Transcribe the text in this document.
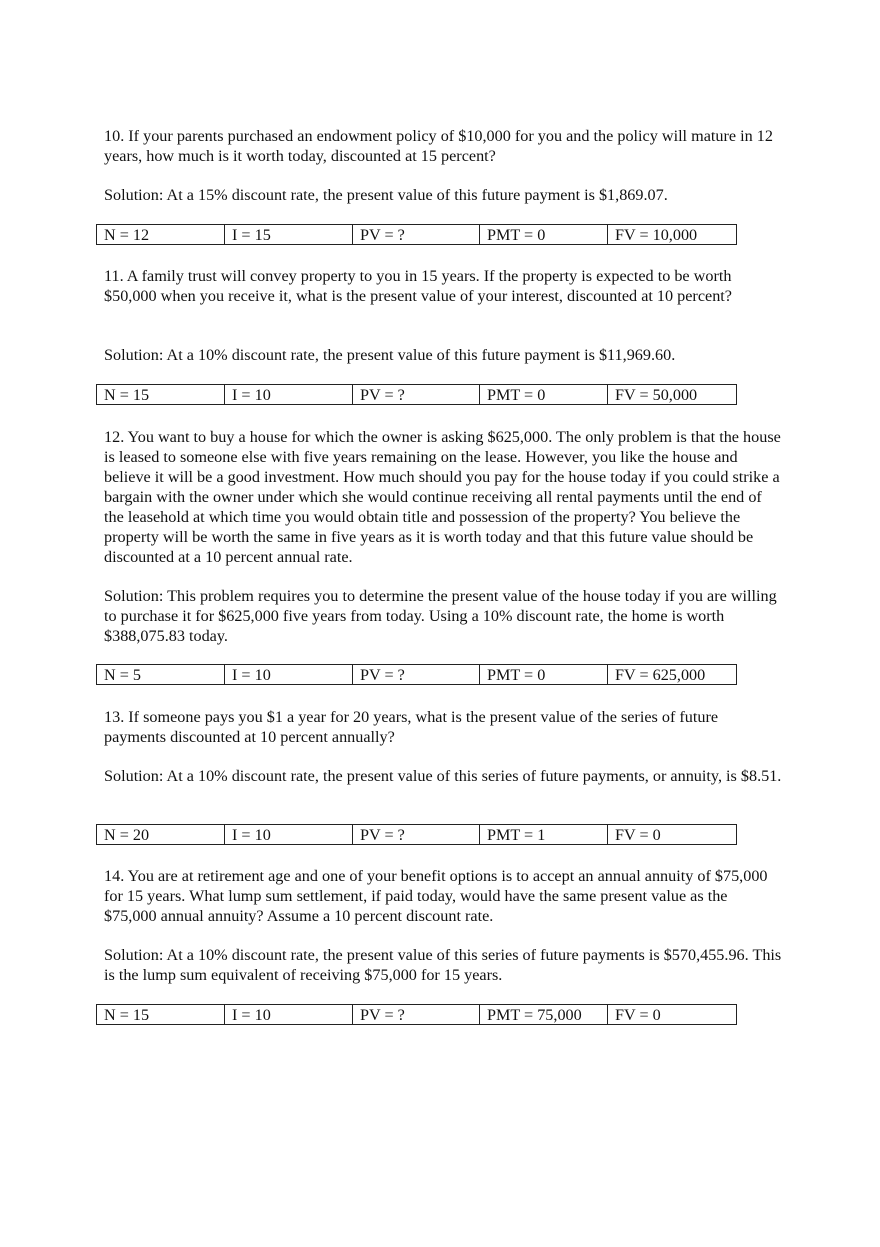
10. If your parents purchased an endowment policy of $10,000 for you and the policy will mature in 12 years, how much is it worth today, discounted at 15 percent?

Solution: At a 15% discount rate, the present value of this future payment is $1,869.07.

N = 12	I = 15	PV = ?	PMT = 0	FV = 10,000

11. A family trust will convey property to you in 15 years. If the property is expected to be worth $50,000 when you receive it, what is the present value of your interest, discounted at 10 percent?

Solution: At a 10% discount rate, the present value of this future payment is $11,969.60.

N = 15	I = 10	PV = ?	PMT = 0	FV = 50,000

12. You want to buy a house for which the owner is asking $625,000. The only problem is that the house is leased to someone else with five years remaining on the lease. However, you like the house and believe it will be a good investment. How much should you pay for the house today if you could strike a bargain with the owner under which she would continue receiving all rental payments until the end of the leasehold at which time you would obtain title and possession of the property? You believe the property will be worth the same in five years as it is worth today and that this future value should be discounted at a 10 percent annual rate.

Solution: This problem requires you to determine the present value of the house today if you are willing to purchase it for $625,000 five years from today. Using a 10% discount rate, the home is worth $388,075.83 today.

N = 5	I = 10	PV = ?	PMT = 0	FV = 625,000

13. If someone pays you $1 a year for 20 years, what is the present value of the series of future payments discounted at 10 percent annually?

Solution: At a 10% discount rate, the present value of this series of future payments, or annuity, is $8.51.

N = 20	I = 10	PV = ?	PMT = 1	FV = 0

14. You are at retirement age and one of your benefit options is to accept an annual annuity of $75,000 for 15 years. What lump sum settlement, if paid today, would have the same present value as the $75,000 annual annuity? Assume a 10 percent discount rate.

Solution: At a 10% discount rate, the present value of this series of future payments is $570,455.96. This is the lump sum equivalent of receiving $75,000 for 15 years.

N = 15	I = 10	PV = ?	PMT = 75,000	FV = 0
